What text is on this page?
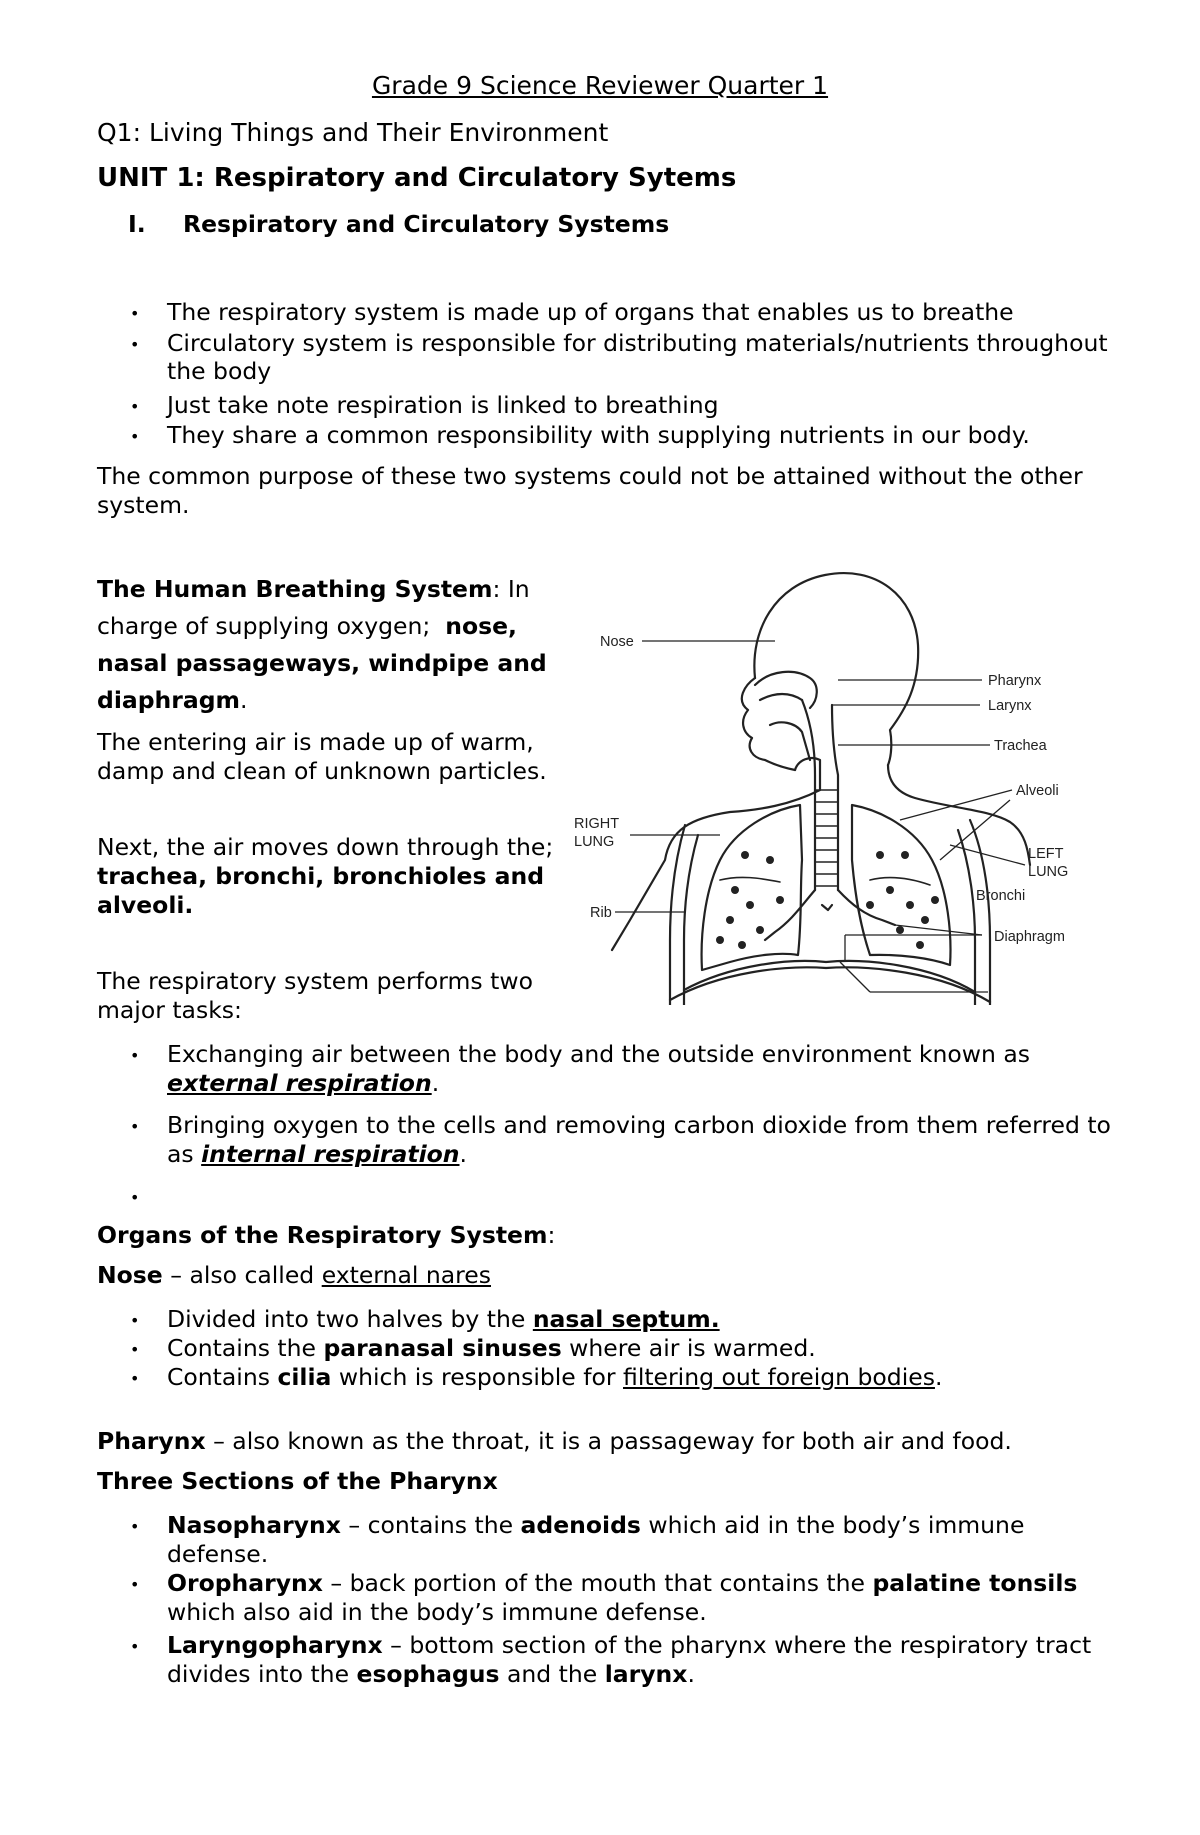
Grade 9 Science Reviewer Quarter 1
Q1: Living Things and Their Environment
UNIT 1: Respiratory and Circulatory Sytems
I. Respiratory and Circulatory Systems
• The respiratory system is made up of organs that enables us to breathe
• Circulatory system is responsible for distributing materials/nutrients throughout
the body
• Just take note respiration is linked to breathing
• They share a common responsibility with supplying nutrients in our body.
The common purpose of these two systems could not be attained without the other
system.
The Human Breathing System: In
charge of supplying oxygen;  nose,
nasal passageways, windpipe and
diaphragm.
The entering air is made up of warm,
damp and clean of unknown particles.
Next, the air moves down through the;
trachea, bronchi, bronchioles and
alveoli.
The respiratory system performs two
major tasks:
Nose
Pharynx
Larynx
Trachea
Alveoli
RIGHT
LUNG
LEFT
LUNG
Bronchi
Rib
Diaphragm
• Exchanging air between the body and the outside environment known as
external respiration.
• Bringing oxygen to the cells and removing carbon dioxide from them referred to
as internal respiration.
•
Organs of the Respiratory System:
Nose – also called external nares
• Divided into two halves by the nasal septum.
• Contains the paranasal sinuses where air is warmed.
• Contains cilia which is responsible for filtering out foreign bodies.
Pharynx – also known as the throat, it is a passageway for both air and food.
Three Sections of the Pharynx
• Nasopharynx – contains the adenoids which aid in the body’s immune
defense.
• Oropharynx – back portion of the mouth that contains the palatine tonsils
which also aid in the body’s immune defense.
• Laryngopharynx – bottom section of the pharynx where the respiratory tract
divides into the esophagus and the larynx.
